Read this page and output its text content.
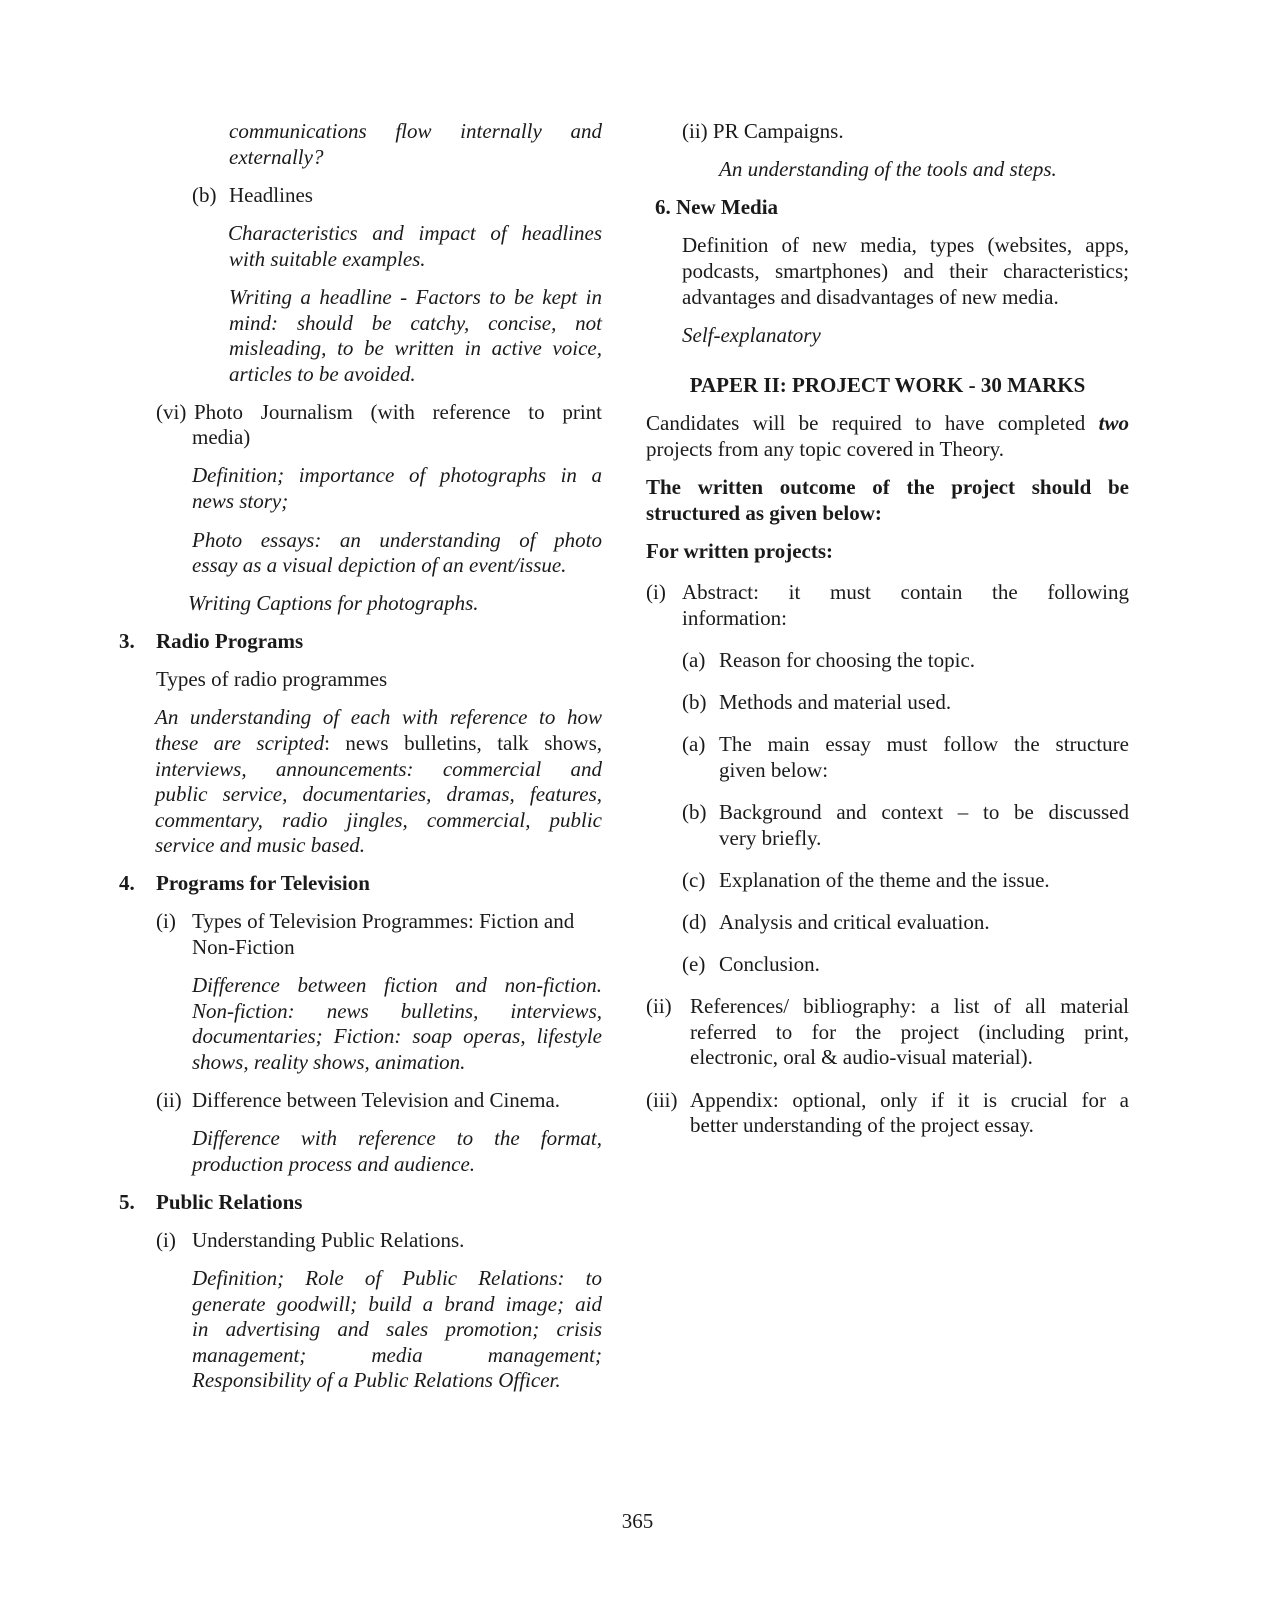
communications flow internally and

externally?

(b) Headlines

Characteristics and impact of headlines

with suitable examples.

Writing a headline - Factors to be kept in

mind: should be catchy, concise, not

misleading, to be written in active voice,

articles to be avoided.

(vi) Photo Journalism (with reference to print

media)

Definition; importance of photographs in a

news story;

Photo essays: an understanding of photo

essay as a visual depiction of an event/issue.

Writing Captions for photographs.

3. Radio Programs

Types of radio programmes

An understanding of each with reference to how

these are scripted: news bulletins, talk shows,

interviews, announcements: commercial and

public service, documentaries, dramas, features,

commentary, radio jingles, commercial, public

service and music based.

4. Programs for Television

(i) Types of Television Programmes: Fiction and

Non-Fiction

Difference between fiction and non-fiction.

Non-fiction: news bulletins, interviews,

documentaries; Fiction: soap operas, lifestyle

shows, reality shows, animation.

(ii) Difference between Television and Cinema.

Difference with reference to the format,

production process and audience.

5. Public Relations

(i) Understanding Public Relations.

Definition; Role of Public Relations: to

generate goodwill; build a brand image; aid

in advertising and sales promotion; crisis

management; media management;

Responsibility of a Public Relations Officer.

(ii) PR Campaigns.

An understanding of the tools and steps.

6. New Media

Definition of new media, types (websites, apps,

podcasts, smartphones) and their characteristics;

advantages and disadvantages of new media.

Self-explanatory

PAPER II: PROJECT WORK - 30 MARKS

Candidates will be required to have completed two

projects from any topic covered in Theory.

The written outcome of the project should be

structured as given below:

For written projects:

(i) Abstract: it must contain the following

information:

(a) Reason for choosing the topic.

(b) Methods and material used.

(a) The main essay must follow the structure

given below:

(b) Background and context – to be discussed

very briefly.

(c) Explanation of the theme and the issue.

(d) Analysis and critical evaluation.

(e) Conclusion.

(ii) References/ bibliography: a list of all material

referred to for the project (including print,

electronic, oral & audio-visual material).

(iii) Appendix: optional, only if it is crucial for a

better understanding of the project essay.

365
